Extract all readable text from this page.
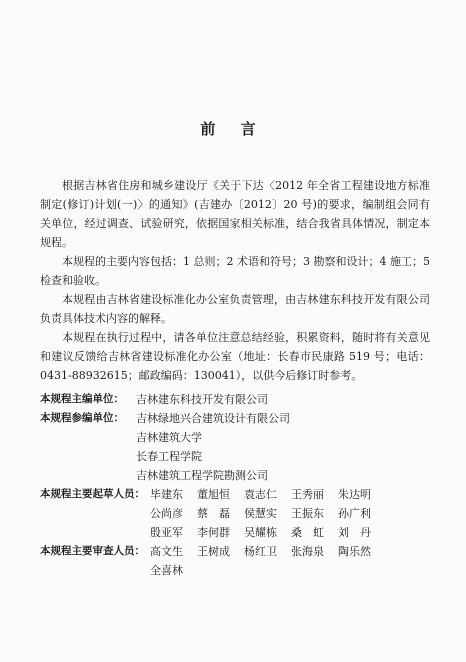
前 言

根据吉林省住房和城乡建设厅《关于下达〈2012 年全省工程建设地方标准制定(修订)计划(一)〉的通知》(吉建办〔2012〕20 号)的要求，编制组会同有关单位，经过调查、试验研究，依据国家相关标准，结合我省具体情况，制定本规程。

本规程的主要内容包括：1 总则；2 术语和符号；3 勘察和设计；4 施工；5 检查和验收。

本规程由吉林省建设标准化办公室负责管理，由吉林建东科技开发有限公司负责具体技术内容的解释。

本规程在执行过程中，请各单位注意总结经验，积累资料，随时将有关意见和建议反馈给吉林省建设标准化办公室（地址：长春市民康路 519 号；电话：0431-88932615；邮政编码：130041），以供今后修订时参考。

本规程主编单位：	吉林建东科技开发有限公司
本规程参编单位：	吉林绿地兴合建筑设计有限公司
吉林建筑大学
长春工程学院
吉林建筑工程学院勘测公司
本规程主要起草人员： 毕建东	董旭恒	袁志仁	王秀丽	朱达明
公尚彦	蔡　磊	侯慧实	王振东	孙广利
殷亚军	李何群	吴耀栋	桑　虹	刘　丹
本规程主要审查人员： 高文生	王树成	杨红卫	张海泉	陶乐然
全喜林
